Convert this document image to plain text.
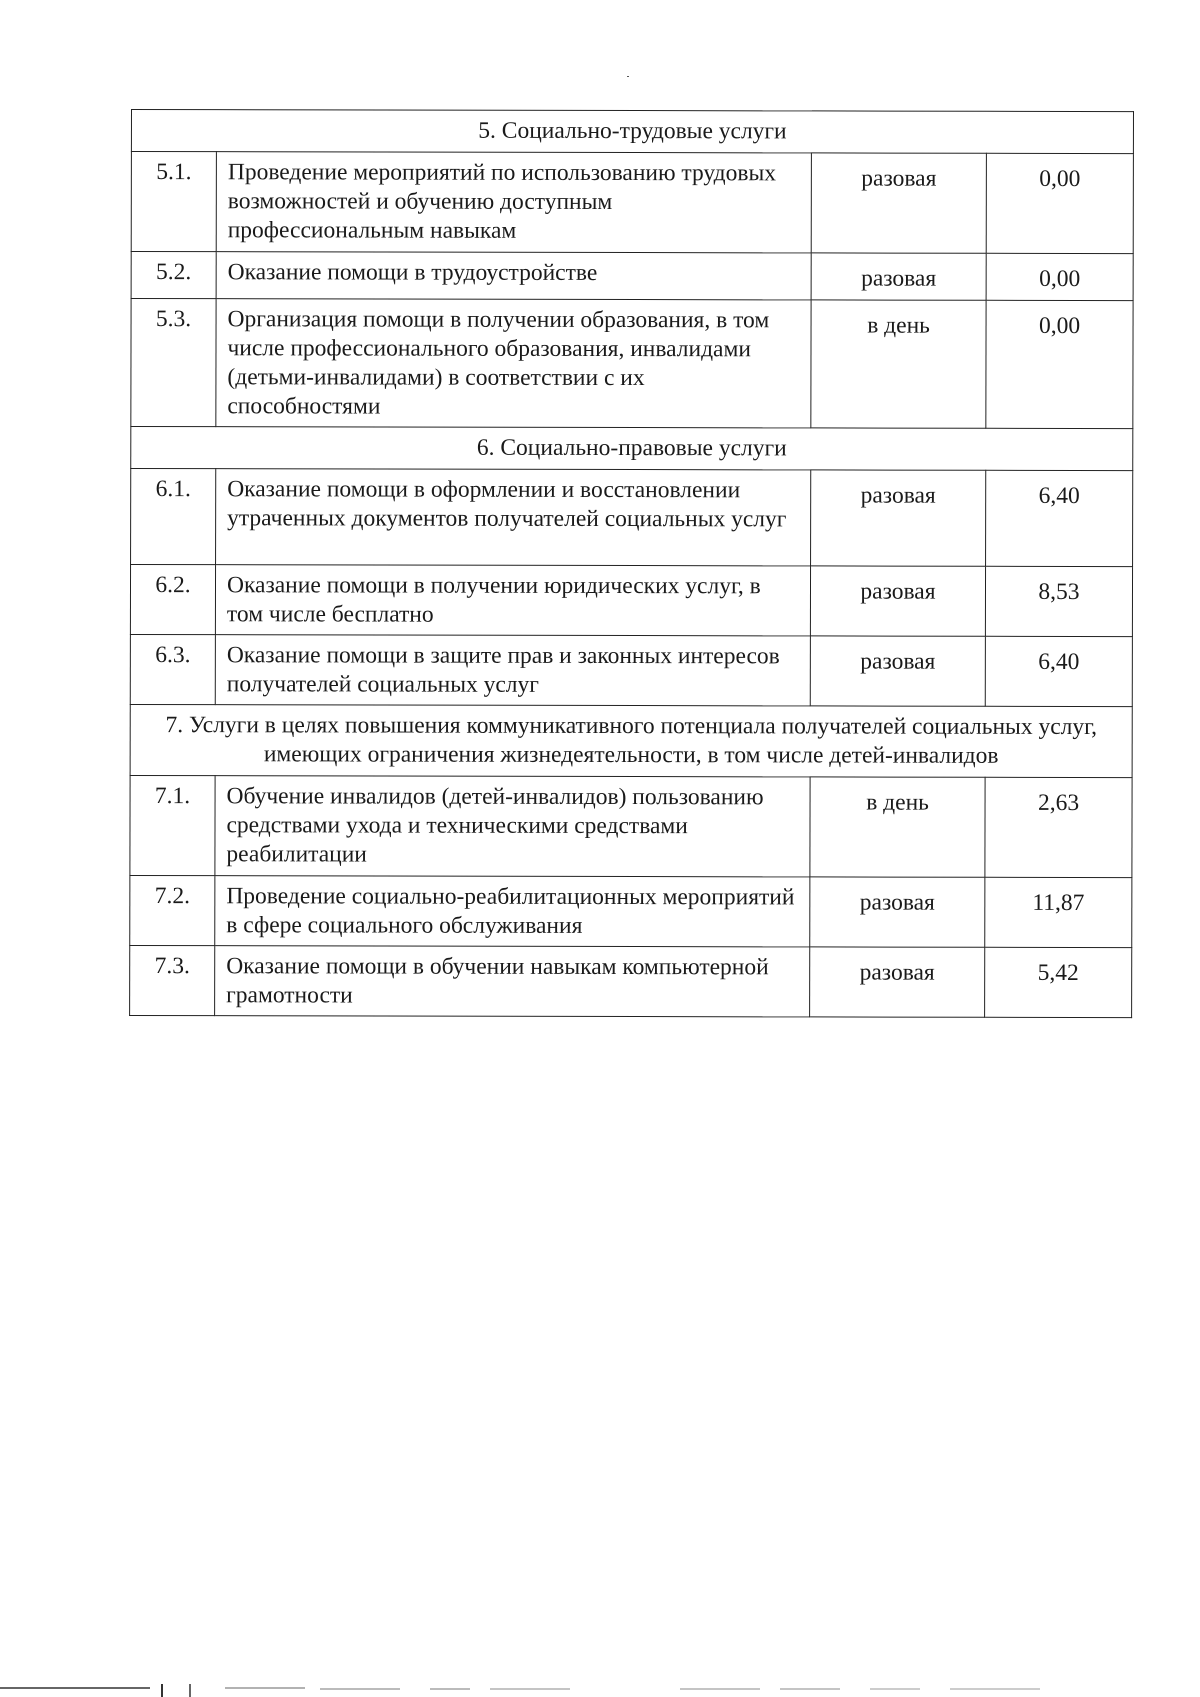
5. Социально-трудовые услуги			
5.1.	Проведение мероприятий по использованию трудовых возможностей и обучению доступным профессиональным навыкам	разовая	0,00
5.2.	Оказание помощи в трудоустройстве	разовая	0,00
5.3.	Организация помощи в получении образования, в том числе профессионального образования, инвалидами (детьми-инвалидами) в соответствии с их способностями	в день	0,00
6. Социально-правовые услуги			
6.1.	Оказание помощи в оформлении и восстановлении утраченных документов получателей социальных услуг	разовая	6,40
6.2.	Оказание помощи в получении юридических услуг, в том числе бесплатно	разовая	8,53
6.3.	Оказание помощи в защите прав и законных интересов получателей социальных услуг	разовая	6,40
7. Услуги в целях повышения коммуникативного потенциала получателей социальных услуг, имеющих ограничения жизнедеятельности, в том числе детей-инвалидов			
7.1.	Обучение инвалидов (детей-инвалидов) пользованию средствами ухода и техническими средствами реабилитации	в день	2,63
7.2.	Проведение социально-реабилитационных мероприятий в сфере социального обслуживания	разовая	11,87
7.3.	Оказание помощи в обучении навыкам компьютерной грамотности	разовая	5,42
